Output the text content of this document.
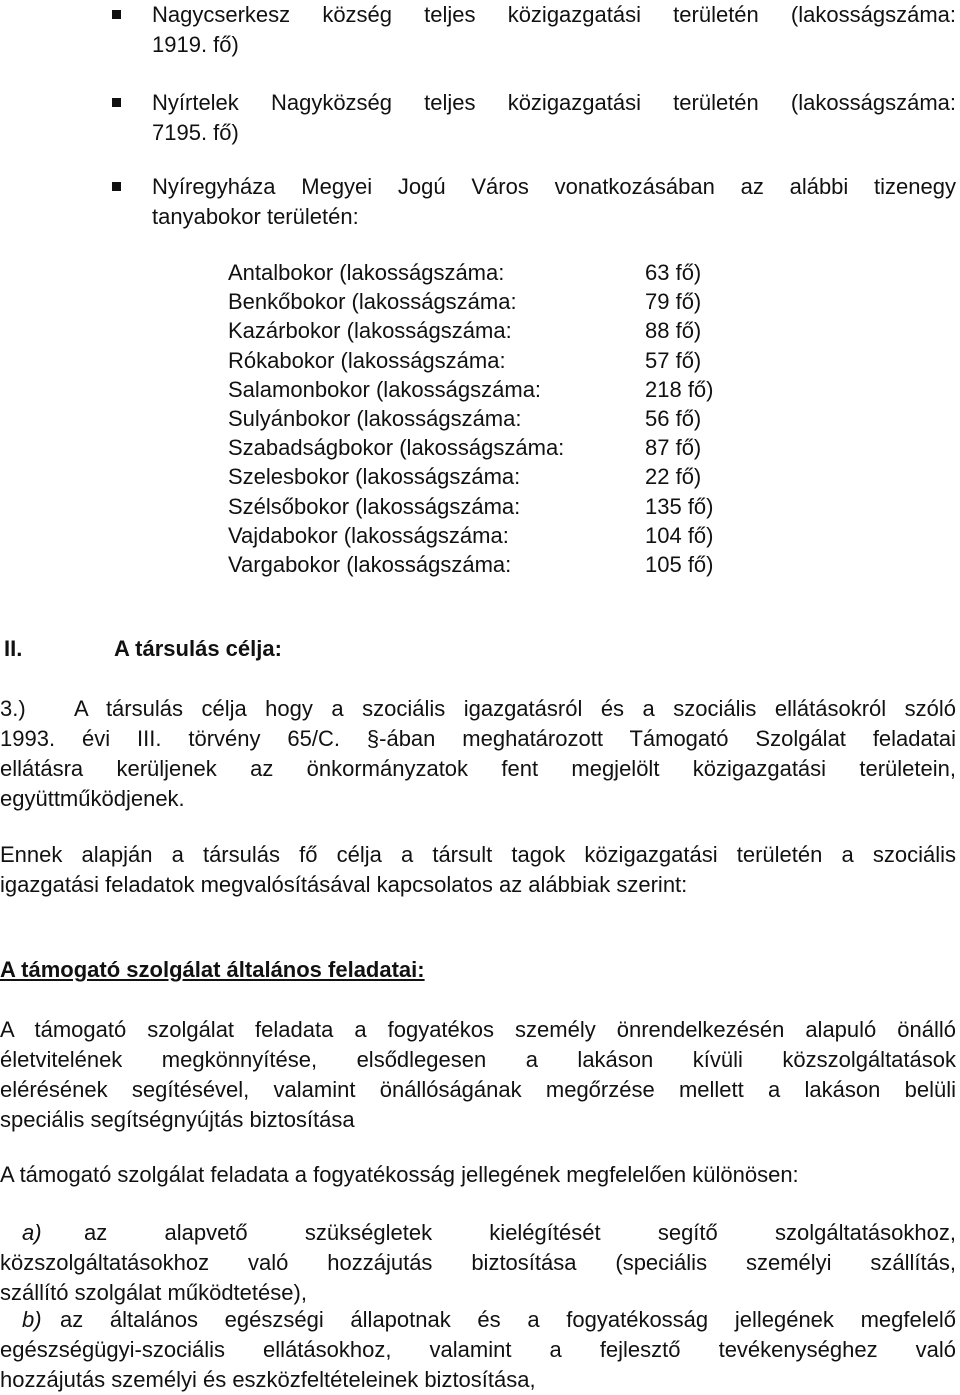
Nagycserkesz község teljes közigazgatási területén (lakosságszáma:
1919. fő)
Nyírtelek Nagyközség teljes közigazgatási területén (lakosságszáma:
7195. fő)
Nyíregyháza Megyei Jogú Város vonatkozásában az alábbi tizenegy
tanyabokor területén:
Antalbokor (lakosságszáma:	63 fő)
Benkőbokor (lakosságszáma:	79 fő)
Kazárbokor (lakosságszáma:	88 fő)
Rókabokor (lakosságszáma:	57 fő)
Salamonbokor (lakosságszáma:	218 fő)
Sulyánbokor (lakosságszáma:	56 fő)
Szabadságbokor (lakosságszáma:	87 fő)
Szelesbokor (lakosságszáma:	22 fő)
Szélsőbokor (lakosságszáma:	135 fő)
Vajdabokor (lakosságszáma:	104 fő)
Vargabokor (lakosságszáma:	105 fő)
II.	A társulás célja:
3.) A társulás célja hogy a szociális igazgatásról és a szociális ellátásokról szóló
1993. évi III. törvény 65/C. §-ában meghatározott Támogató Szolgálat feladatai
ellátásra kerüljenek az önkormányzatok fent megjelölt közigazgatási területein,
együttműködjenek.
Ennek alapján a társulás fő célja a társult tagok közigazgatási területén a szociális
igazgatási feladatok megvalósításával kapcsolatos az alábbiak szerint:
A támogató szolgálat általános feladatai:
A támogató szolgálat feladata a fogyatékos személy önrendelkezésén alapuló önálló
életvitelének megkönnyítése, elsődlegesen a lakáson kívüli közszolgáltatások
elérésének segítésével, valamint önállóságának megőrzése mellett a lakáson belüli
speciális segítségnyújtás biztosítása
A támogató szolgálat feladata a fogyatékosság jellegének megfelelően különösen:
a) az alapvető szükségletek kielégítését segítő szolgáltatásokhoz,
közszolgáltatásokhoz való hozzájutás biztosítása (speciális személyi szállítás,
szállító szolgálat működtetése),
b) az általános egészségi állapotnak és a fogyatékosság jellegének megfelelő
egészségügyi-szociális ellátásokhoz, valamint a fejlesztő tevékenységhez való
hozzájutás személyi és eszközfeltételeinek biztosítása,
